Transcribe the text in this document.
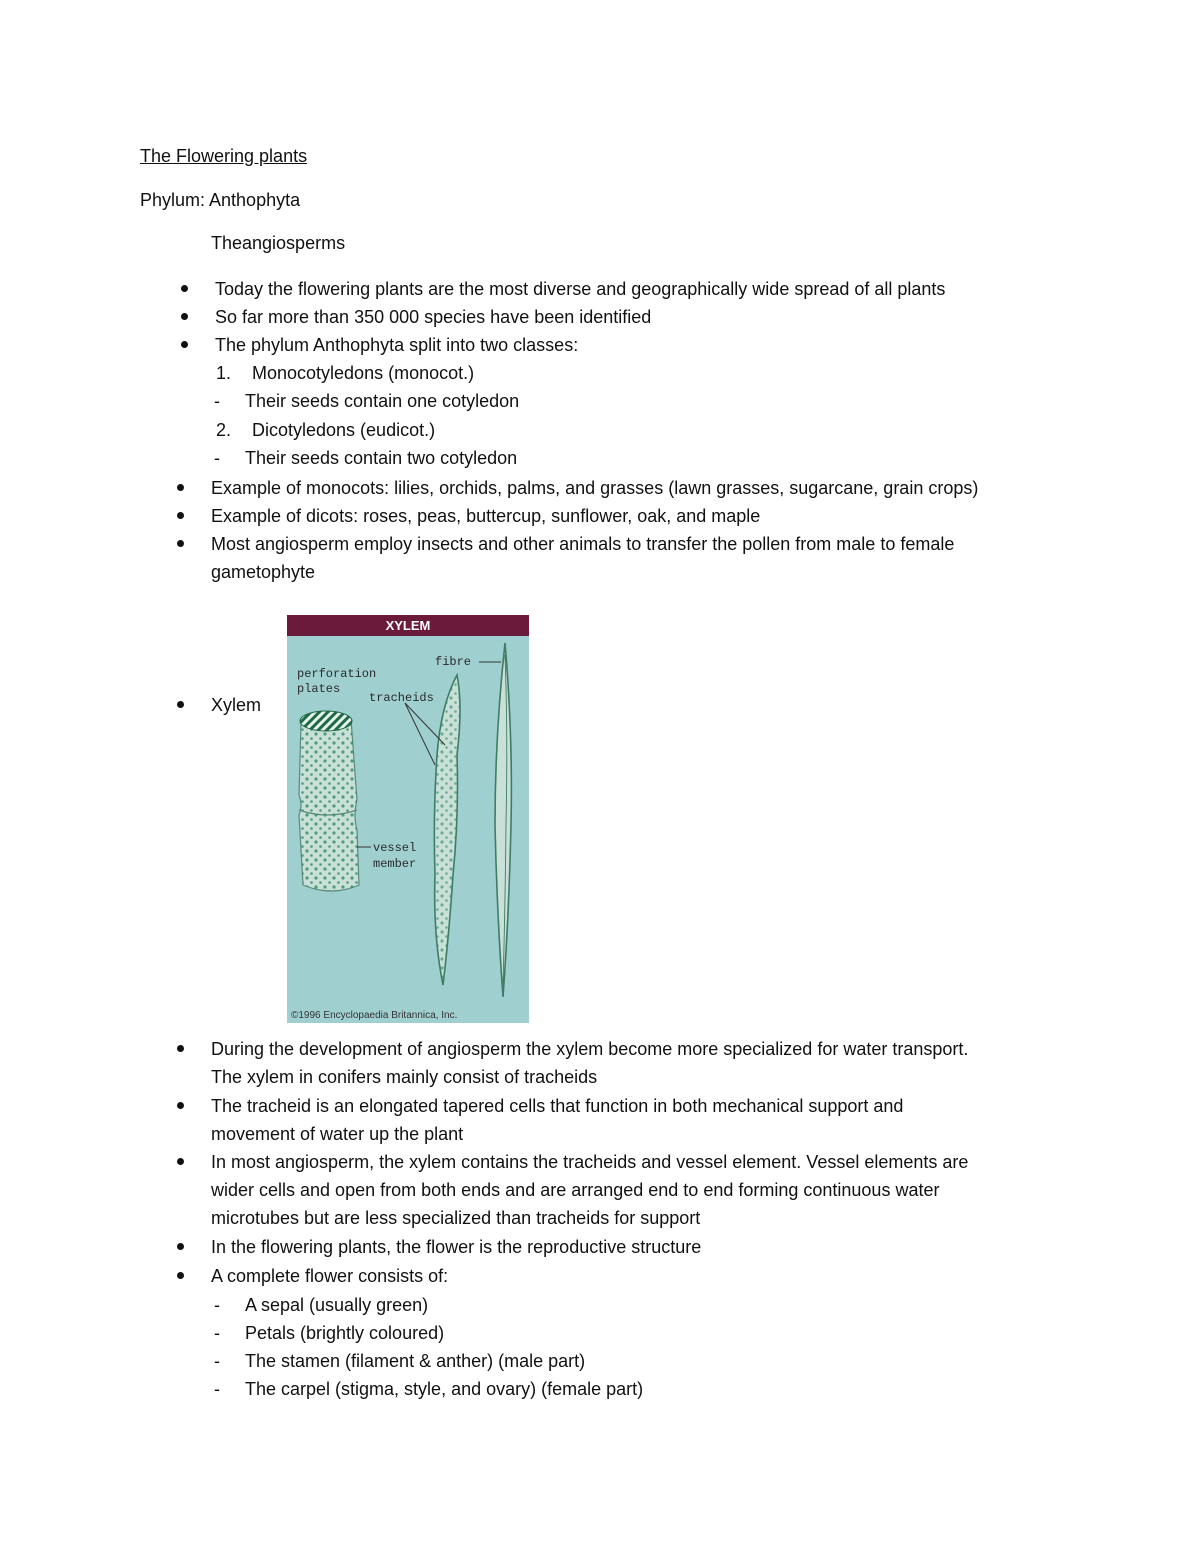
The Flowering plants
Phylum: Anthophyta
Theangiosperms
Today the flowering plants are the most diverse and geographically wide spread of all plants
So far more than 350 000 species have been identified
The phylum Anthophyta split into two classes:
1. Monocotyledons (monocot.)
- Their seeds contain one cotyledon
2. Dicotyledons (eudicot.)
- Their seeds contain two cotyledon
Example of monocots: lilies, orchids, palms, and grasses (lawn grasses, sugarcane, grain crops)
Example of dicots: roses, peas, buttercup, sunflower, oak, and maple
Most angiosperm employ insects and other animals to transfer the pollen from male to female
gametophyte
Xylem
XYLEM
perforation
plates
tracheids
fibre
vessel
member
©1996 Encyclopaedia Britannica, Inc.
During the development of angiosperm the xylem become more specialized for water transport.
The xylem in conifers mainly consist of tracheids
The tracheid is an elongated tapered cells that function in both mechanical support and
movement of water up the plant
In most angiosperm, the xylem contains the tracheids and vessel element. Vessel elements are
wider cells and open from both ends and are arranged end to end forming continuous water
microtubes but are less specialized than tracheids for support
In the flowering plants, the flower is the reproductive structure
A complete flower consists of:
- A sepal (usually green)
- Petals (brightly coloured)
- The stamen (filament & anther) (male part)
- The carpel (stigma, style, and ovary) (female part)
